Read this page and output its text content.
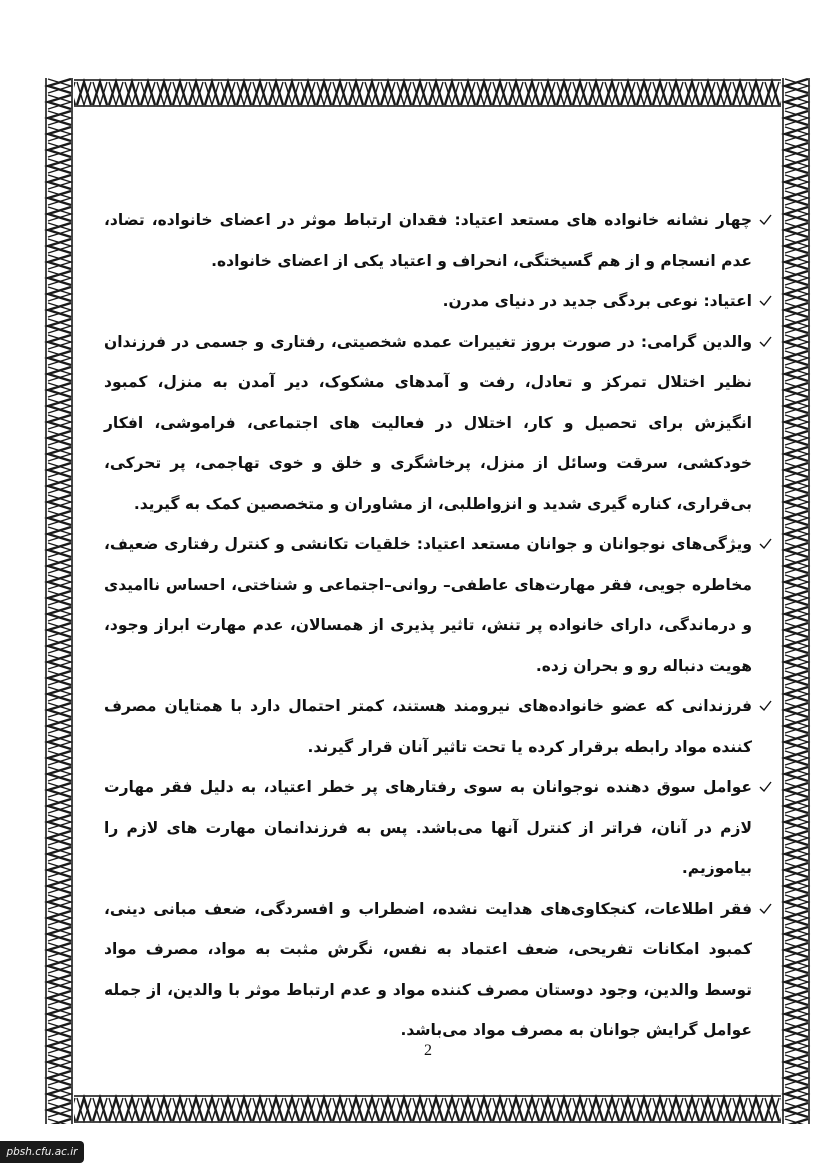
چهار نشانه خانواده های مستعد اعتیاد: فقدان ارتباط موثر در اعضای خانواده، تضاد، عدم انسجام و از هم گسیختگی، انحراف و اعتیاد یکی از اعضای خانواده.
اعتیاد: نوعی بردگی جدید در دنیای مدرن.
والدین گرامی: در صورت بروز تغییرات عمده شخصیتی، رفتاری و جسمی در فرزندان نظیر اختلال تمرکز و تعادل، رفت و آمدهای مشکوک، دیر آمدن به منزل، کمبود انگیزش برای تحصیل و کار، اختلال در فعالیت های اجتماعی، فراموشی، افکار خودکشی، سرقت وسائل از منزل، پرخاشگری و خلق و خوی تهاجمی، پر تحرکی، بی‌قراری، کناره گیری شدید و انزواطلبی، از مشاوران و متخصصین کمک به گیرید.
ویژگی‌های نوجوانان و جوانان مستعد اعتیاد: خلقیات تکانشی و کنترل رفتاری ضعیف، مخاطره جویی، فقر مهارت‌های عاطفی– روانی–اجتماعی و شناختی، احساس ناامیدی و درماندگی، دارای خانواده پر تنش، تاثیر پذیری از همسالان، عدم مهارت ابراز وجود، هویت دنباله رو و بحران زده.
فرزندانی که عضو خانواده‌های نیرومند هستند، کمتر احتمال دارد با همتایان مصرف کننده مواد رابطه برقرار کرده یا تحت تاثیر آنان قرار گیرند.
عوامل سوق دهنده نوجوانان به سوی رفتارهای پر خطر اعتیاد، به دلیل فقر مهارت لازم در آنان، فراتر از کنترل آنها می‌باشد. پس به فرزندانمان مهارت های لازم را بیاموزیم.
فقر اطلاعات، کنجکاوی‌های هدایت نشده، اضطراب و افسردگی، ضعف مبانی دینی، کمبود امکانات تفریحی، ضعف اعتماد به نفس، نگرش مثبت به مواد، مصرف مواد توسط والدین، وجود دوستان مصرف کننده مواد و عدم ارتباط موثر با والدین، از جمله عوامل گرایش جوانان به مصرف مواد می‌باشد.
2
pbsh.cfu.ac.ir
